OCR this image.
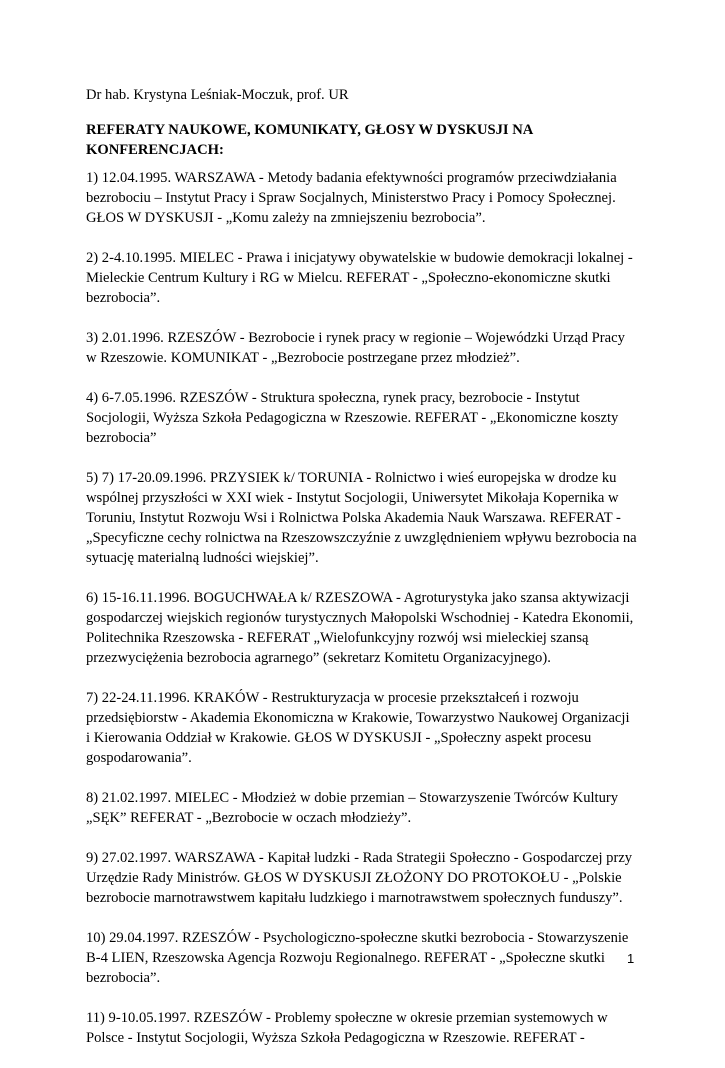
Dr hab. Krystyna Leśniak-Moczuk, prof. UR

REFERATY NAUKOWE, KOMUNIKATY, GŁOSY W DYSKUSJI NA
KONFERENCJACH:
1) 12.04.1995. WARSZAWA - Metody badania efektywności programów przeciwdziałania
bezrobociu – Instytut Pracy i Spraw Socjalnych, Ministerstwo Pracy i Pomocy Społecznej.
GŁOS W DYSKUSJI - „Komu zależy na zmniejszeniu bezrobocia”.
2) 2-4.10.1995. MIELEC - Prawa i inicjatywy obywatelskie w budowie demokracji lokalnej -
Mieleckie Centrum Kultury i RG w Mielcu. REFERAT - „Społeczno-ekonomiczne skutki
bezrobocia”.
3) 2.01.1996. RZESZÓW - Bezrobocie i rynek pracy w regionie – Wojewódzki Urząd Pracy
w Rzeszowie. KOMUNIKAT - „Bezrobocie postrzegane przez młodzież”.
4) 6-7.05.1996. RZESZÓW - Struktura społeczna, rynek pracy, bezrobocie - Instytut
Socjologii, Wyższa Szkoła Pedagogiczna w Rzeszowie. REFERAT - „Ekonomiczne koszty
bezrobocia”
5) 7) 17-20.09.1996. PRZYSIEK k/ TORUNIA - Rolnictwo i wieś europejska w drodze ku
wspólnej przyszłości w XXI wiek - Instytut Socjologii, Uniwersytet Mikołaja Kopernika w
Toruniu, Instytut Rozwoju Wsi i Rolnictwa Polska Akademia Nauk Warszawa. REFERAT -
„Specyficzne cechy rolnictwa na Rzeszowszczyźnie z uwzględnieniem wpływu bezrobocia na
sytuację materialną ludności wiejskiej”.
6) 15-16.11.1996. BOGUCHWAŁA k/ RZESZOWA - Agroturystyka jako szansa aktywizacji
gospodarczej wiejskich regionów turystycznych Małopolski Wschodniej - Katedra Ekonomii,
Politechnika Rzeszowska - REFERAT „Wielofunkcyjny rozwój wsi mieleckiej szansą
przezwyciężenia bezrobocia agrarnego” (sekretarz Komitetu Organizacyjnego).
7) 22-24.11.1996. KRAKÓW - Restrukturyzacja w procesie przekształceń i rozwoju
przedsiębiorstw - Akademia Ekonomiczna w Krakowie, Towarzystwo Naukowej Organizacji
i Kierowania Oddział w Krakowie. GŁOS W DYSKUSJI - „Społeczny aspekt procesu
gospodarowania”.
8) 21.02.1997. MIELEC - Młodzież w dobie przemian – Stowarzyszenie Twórców Kultury
„SĘK” REFERAT - „Bezrobocie w oczach młodzieży”.
9) 27.02.1997. WARSZAWA - Kapitał ludzki - Rada Strategii Społeczno - Gospodarczej przy
Urzędzie Rady Ministrów. GŁOS W DYSKUSJI ZŁOŻONY DO PROTOKOŁU - „Polskie
bezrobocie marnotrawstwem kapitału ludzkiego i marnotrawstwem społecznych funduszy”.
10) 29.04.1997. RZESZÓW - Psychologiczno-społeczne skutki bezrobocia - Stowarzyszenie
B-4 LIEN, Rzeszowska Agencja Rozwoju Regionalnego. REFERAT - „Społeczne skutki
bezrobocia”.
11) 9-10.05.1997. RZESZÓW - Problemy społeczne w okresie przemian systemowych w
Polsce - Instytut Socjologii, Wyższa Szkoła Pedagogiczna w Rzeszowie. REFERAT -
1
